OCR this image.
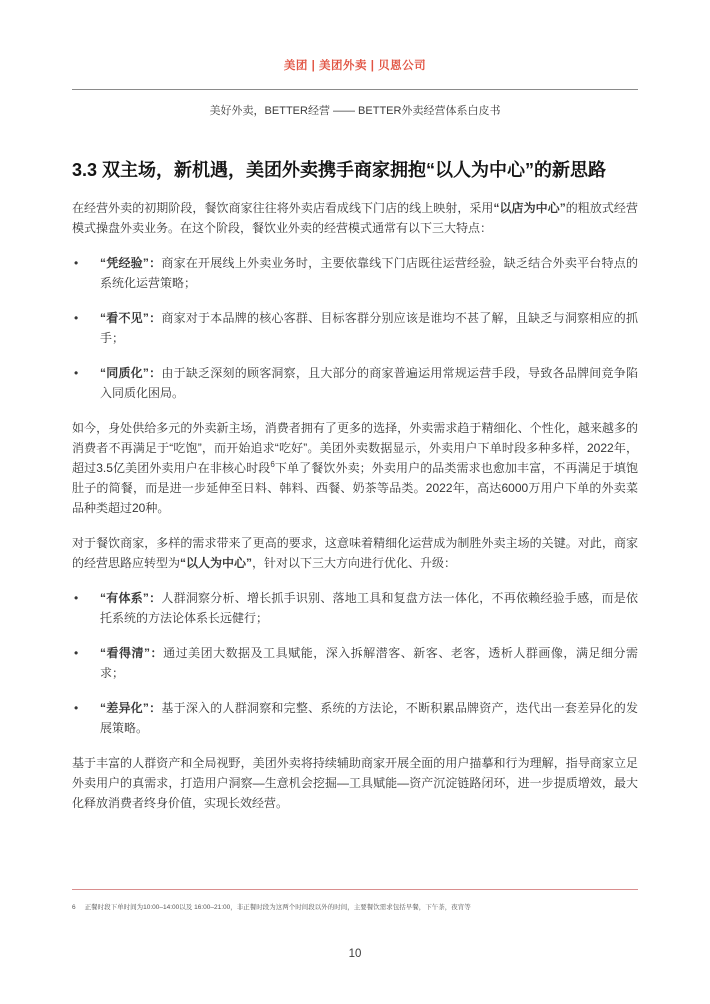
美团 | 美团外卖 | 贝恩公司
美好外卖，BETTER经营 —— BETTER外卖经营体系白皮书
3.3 双主场，新机遇，美团外卖携手商家拥抱“以人为中心”的新思路

在经营外卖的初期阶段，餐饮商家往往将外卖店看成线下门店的线上映射，采用“以店为中心”的粗放式经营模式操盘外卖业务。在这个阶段，餐饮业外卖的经营模式通常有以下三大特点：

• “凭经验”：商家在开展线上外卖业务时，主要依靠线下门店既往运营经验，缺乏结合外卖平台特点的系统化运营策略；
• “看不见”：商家对于本品牌的核心客群、目标客群分别应该是谁均不甚了解，且缺乏与洞察相应的抓手；
• “同质化”：由于缺乏深刻的顾客洞察，且大部分的商家普遍运用常规运营手段，导致各品牌间竞争陷入同质化困局。

如今，身处供给多元的外卖新主场，消费者拥有了更多的选择，外卖需求趋于精细化、个性化，越来越多的消费者不再满足于“吃饱”，而开始追求“吃好”。美团外卖数据显示，外卖用户下单时段多种多样，2022年，超过3.5亿美团外卖用户在非核心时段$^6$下单了餐饮外卖；外卖用户的品类需求也愈加丰富，不再满足于填饱肚子的简餐，而是进一步延伸至日料、韩料、西餐、奶茶等品类。2022年，高达6000万用户下单的外卖菜品种类超过20种。

对于餐饮商家，多样的需求带来了更高的要求，这意味着精细化运营成为制胜外卖主场的关键。对此，商家的经营思路应转型为“以人为中心”，针对以下三大方向进行优化、升级：

• “有体系”：人群洞察分析、增长抓手识别、落地工具和复盘方法一体化，不再依赖经验手感，而是依托系统的方法论体系长远健行；
• “看得清”：通过美团大数据及工具赋能，深入拆解潜客、新客、老客，透析人群画像，满足细分需求；
• “差异化”：基于深入的人群洞察和完整、系统的方法论，不断积累品牌资产，迭代出一套差异化的发展策略。

基于丰富的人群资产和全局视野，美团外卖将持续辅助商家开展全面的用户描摹和行为理解，指导商家立足外卖用户的真需求，打造用户洞察—生意机会挖掘—工具赋能—资产沉淀链路闭环，进一步提质增效，最大化释放消费者终身价值，实现长效经营。

6 正餐时段下单时间为10:00–14:00以及 16:00–21:00，非正餐时段为这两个时间段以外的时间，主要餐饮需求包括早餐，下午茶，夜宵等
10
